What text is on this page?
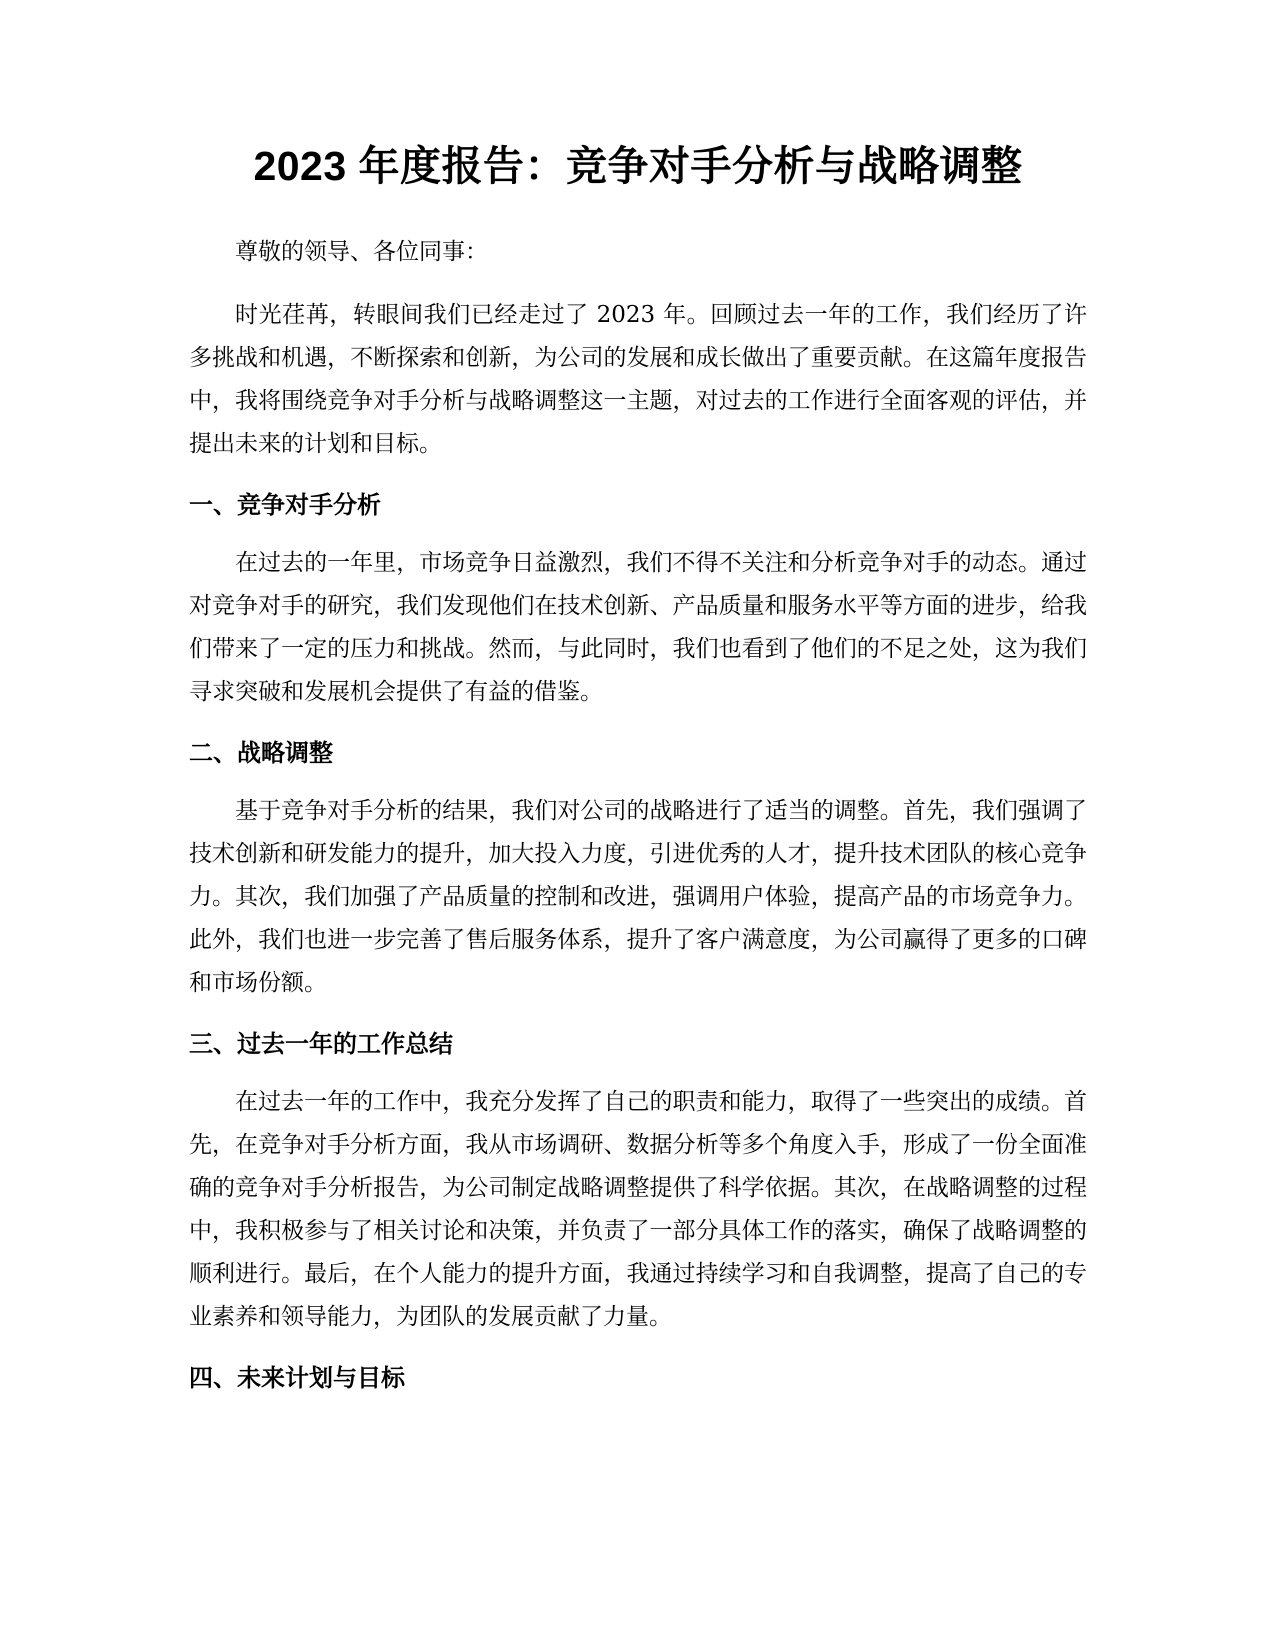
2023 年度报告：竞争对手分析与战略调整

尊敬的领导、各位同事：

时光荏苒，转眼间我们已经走过了 2023 年。回顾过去一年的工作，我们经历了许多挑战和机遇，不断探索和创新，为公司的发展和成长做出了重要贡献。在这篇年度报告中，我将围绕竞争对手分析与战略调整这一主题，对过去的工作进行全面客观的评估，并提出未来的计划和目标。

一、竞争对手分析

在过去的一年里，市场竞争日益激烈，我们不得不关注和分析竞争对手的动态。通过对竞争对手的研究，我们发现他们在技术创新、产品质量和服务水平等方面的进步，给我们带来了一定的压力和挑战。然而，与此同时，我们也看到了他们的不足之处，这为我们寻求突破和发展机会提供了有益的借鉴。

二、战略调整

基于竞争对手分析的结果，我们对公司的战略进行了适当的调整。首先，我们强调了技术创新和研发能力的提升，加大投入力度，引进优秀的人才，提升技术团队的核心竞争力。其次，我们加强了产品质量的控制和改进，强调用户体验，提高产品的市场竞争力。此外，我们也进一步完善了售后服务体系，提升了客户满意度，为公司赢得了更多的口碑和市场份额。

三、过去一年的工作总结

在过去一年的工作中，我充分发挥了自己的职责和能力，取得了一些突出的成绩。首先，在竞争对手分析方面，我从市场调研、数据分析等多个角度入手，形成了一份全面准确的竞争对手分析报告，为公司制定战略调整提供了科学依据。其次，在战略调整的过程中，我积极参与了相关讨论和决策，并负责了一部分具体工作的落实，确保了战略调整的顺利进行。最后，在个人能力的提升方面，我通过持续学习和自我调整，提高了自己的专业素养和领导能力，为团队的发展贡献了力量。

四、未来计划与目标
